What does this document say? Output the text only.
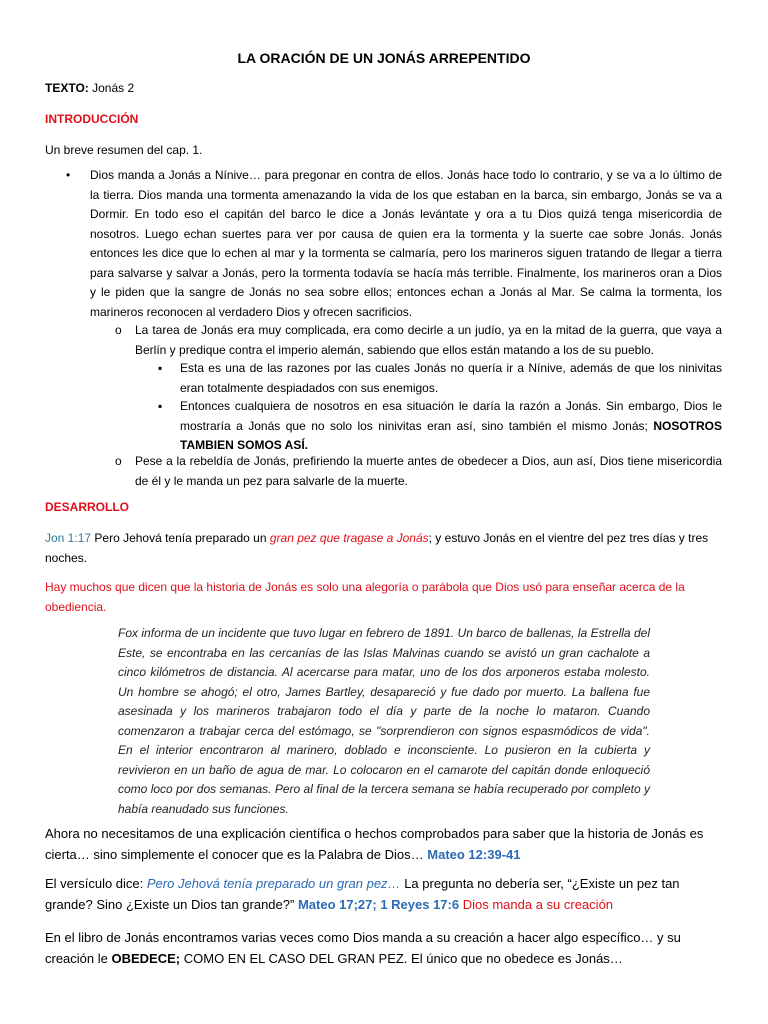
LA ORACIÓN DE UN JONÁS ARREPENTIDO

TEXTO: Jonás 2

INTRODUCCIÓN

Un breve resumen del cap. 1.

• Dios manda a Jonás a Nínive… para pregonar en contra de ellos. Jonás hace todo lo contrario, y se va a lo último de la tierra. Dios manda una tormenta amenazando la vida de los que estaban en la barca, sin embargo, Jonás se va a Dormir. En todo eso el capitán del barco le dice a Jonás levántate y ora a tu Dios quizá tenga misericordia de nosotros. Luego echan suertes para ver por causa de quien era la tormenta y la suerte cae sobre Jonás. Jonás entonces les dice que lo echen al mar y la tormenta se calmaría, pero los marineros siguen tratando de llegar a tierra para salvarse y salvar a Jonás, pero la tormenta todavía se hacía más terrible. Finalmente, los marineros oran a Dios y le piden que la sangre de Jonás no sea sobre ellos; entonces echan a Jonás al Mar. Se calma la tormenta, los marineros reconocen al verdadero Dios y ofrecen sacrificios.

o La tarea de Jonás era muy complicada, era como decirle a un judío, ya en la mitad de la guerra, que vaya a Berlín y predique contra el imperio alemán, sabiendo que ellos están matando a los de su pueblo.

▪ Esta es una de las razones por las cuales Jonás no quería ir a Nínive, además de que los ninivitas eran totalmente despiadados con sus enemigos.

▪ Entonces cualquiera de nosotros en esa situación le daría la razón a Jonás. Sin embargo, Dios le mostraría a Jonás que no solo los ninivitas eran así, sino también el mismo Jonás; NOSOTROS TAMBIEN SOMOS ASÍ.

o Pese a la rebeldía de Jonás, prefiriendo la muerte antes de obedecer a Dios, aun así, Dios tiene misericordia de él y le manda un pez para salvarle de la muerte.

DESARROLLO

Jon 1:17 Pero Jehová tenía preparado un gran pez que tragase a Jonás; y estuvo Jonás en el vientre del pez tres días y tres noches.

Hay muchos que dicen que la historia de Jonás es solo una alegoría o parábola que Dios usó para enseñar acerca de la obediencia.

Fox informa de un incidente que tuvo lugar en febrero de 1891. Un barco de ballenas, la Estrella del Este, se encontraba en las cercanías de las Islas Malvinas cuando se avistó un gran cachalote a cinco kilómetros de distancia. Al acercarse para matar, uno de los dos arponeros estaba molesto. Un hombre se ahogó; el otro, James Bartley, desapareció y fue dado por muerto. La ballena fue asesinada y los marineros trabajaron todo el día y parte de la noche lo mataron. Cuando comenzaron a trabajar cerca del estómago, se "sorprendieron con signos espasmódicos de vida". En el interior encontraron al marinero, doblado e inconsciente. Lo pusieron en la cubierta y revivieron en un baño de agua de mar. Lo colocaron en el camarote del capitán donde enloqueció como loco por dos semanas. Pero al final de la tercera semana se había recuperado por completo y había reanudado sus funciones.

Ahora no necesitamos de una explicación científica o hechos comprobados para saber que la historia de Jonás es cierta… sino simplemente el conocer que es la Palabra de Dios… Mateo 12:39-41

El versículo dice: Pero Jehová tenía preparado un gran pez… La pregunta no debería ser, “¿Existe un pez tan grande? Sino ¿Existe un Dios tan grande?” Mateo 17;27; 1 Reyes 17:6 Dios manda a su creación

En el libro de Jonás encontramos varias veces como Dios manda a su creación a hacer algo específico… y su creación le OBEDECE; COMO EN EL CASO DEL GRAN PEZ. El único que no obedece es Jonás…
